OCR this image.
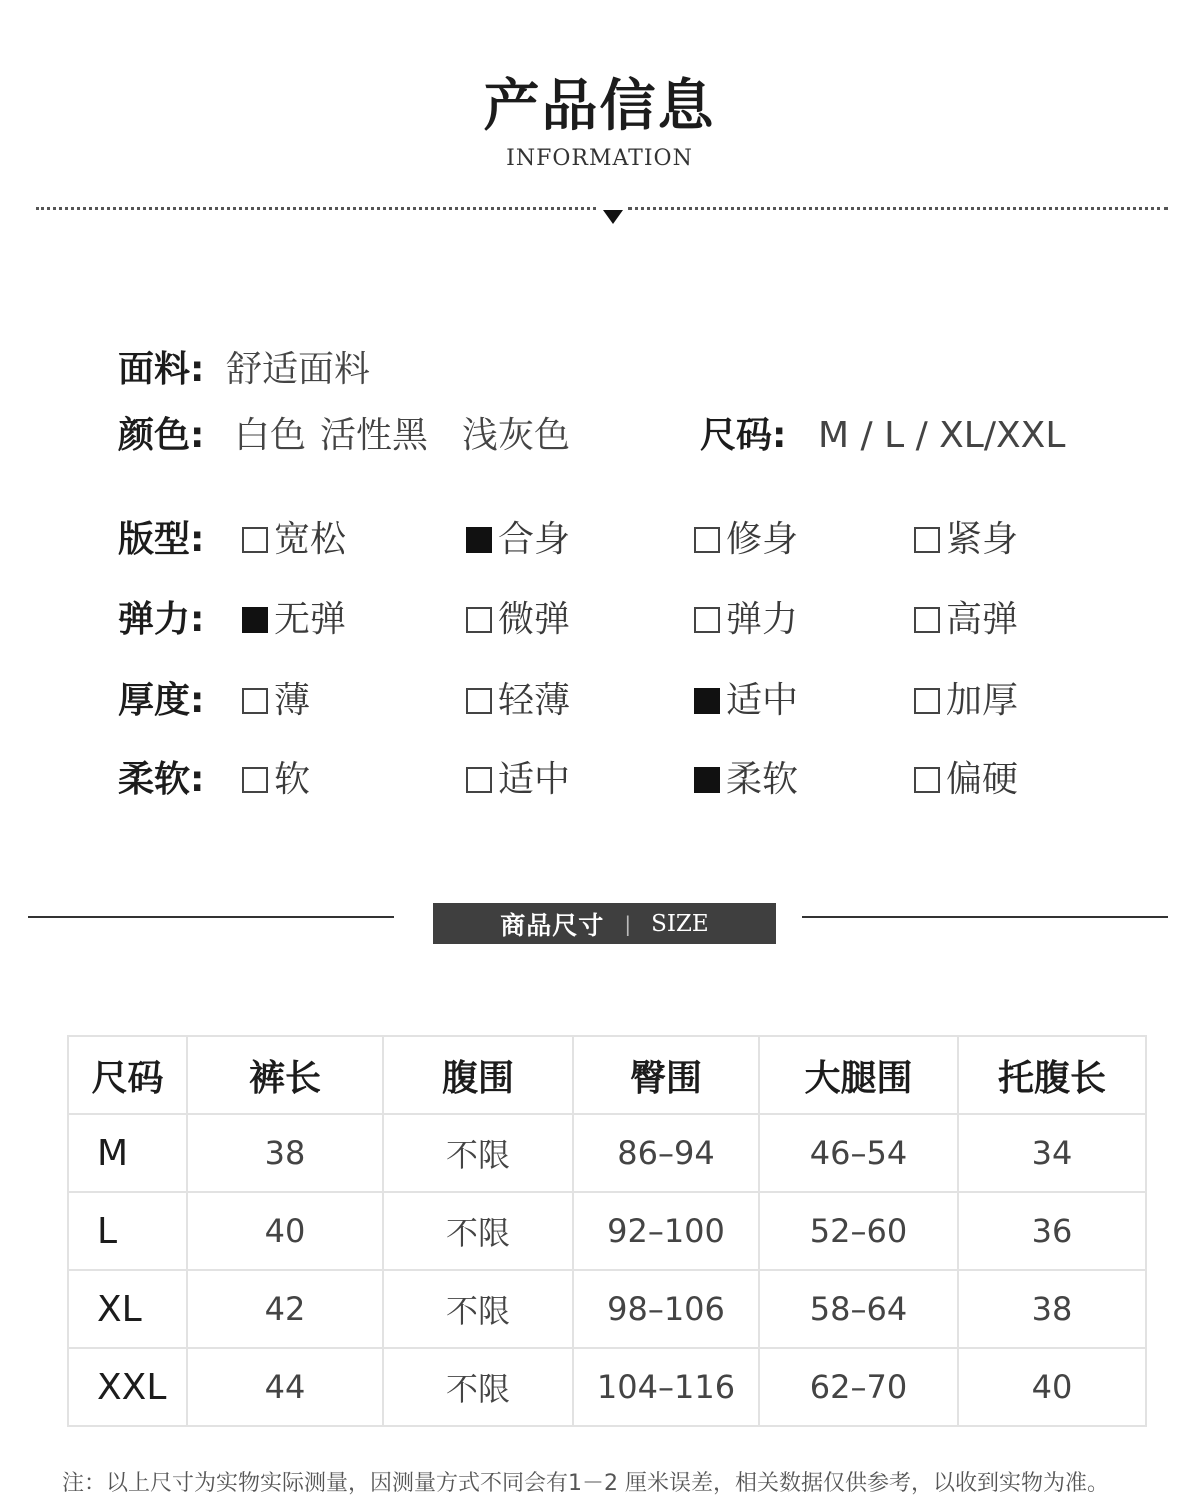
产品信息
INFORMATION
面料: 舒适面料
颜色: 白色 活性黑 浅灰色	尺码: M / L / XL/XXL
版型: 宽松	合身	修身	紧身
弹力: 无弹	微弹	弹力	高弹
厚度: 薄	轻薄	适中	加厚
柔软: 软	适中	柔软	偏硬
商品尺寸 | SIZE
尺码	裤长	腹围	臀围	大腿围	托腹长
M	38	不限	86–94	46–54	34
L	40	不限	92–100	52–60	36
XL	42	不限	98–106	58–64	38
XXL	44	不限	104–116	62–70	40
注：以上尺寸为实物实际测量，因测量方式不同会有1－2 厘米误差，相关数据仅供参考，以收到实物为准。
